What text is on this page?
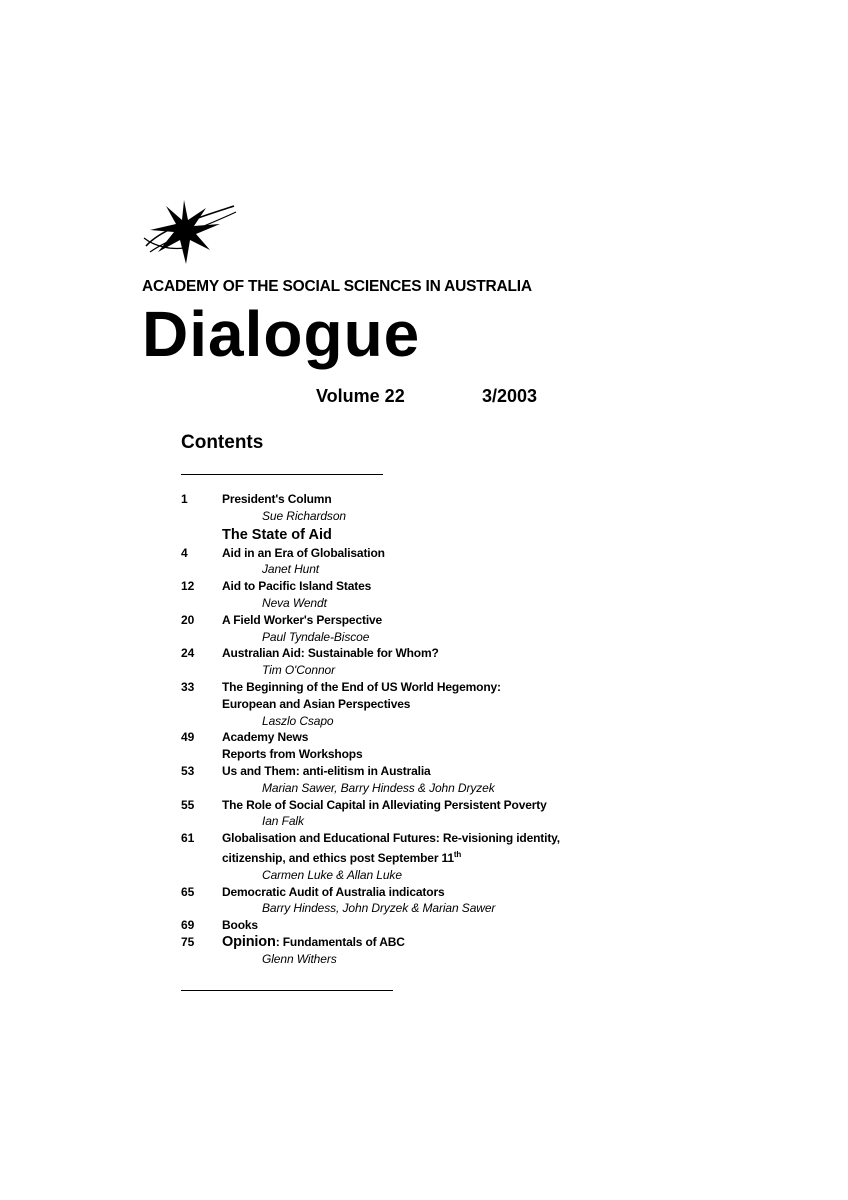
ACADEMY OF THE SOCIAL SCIENCES IN AUSTRALIA
Dialogue
Volume 22	3/2003
Contents
1	President's Column
Sue Richardson
The State of Aid
4	Aid in an Era of Globalisation
Janet Hunt
12	Aid to Pacific Island States
Neva Wendt
20	A Field Worker's Perspective
Paul Tyndale-Biscoe
24	Australian Aid: Sustainable for Whom?
Tim O'Connor
33	The Beginning of the End of US World Hegemony:
European and Asian Perspectives
Laszlo Csapo
49	Academy News
Reports from Workshops
53	Us and Them: anti-elitism in Australia
Marian Sawer, Barry Hindess & John Dryzek
55	The Role of Social Capital in Alleviating Persistent Poverty
Ian Falk
61	Globalisation and Educational Futures: Re-visioning identity,
citizenship, and ethics post September 11th
Carmen Luke & Allan Luke
65	Democratic Audit of Australia indicators
Barry Hindess, John Dryzek & Marian Sawer
69	Books
75	Opinion: Fundamentals of ABC
Glenn Withers
